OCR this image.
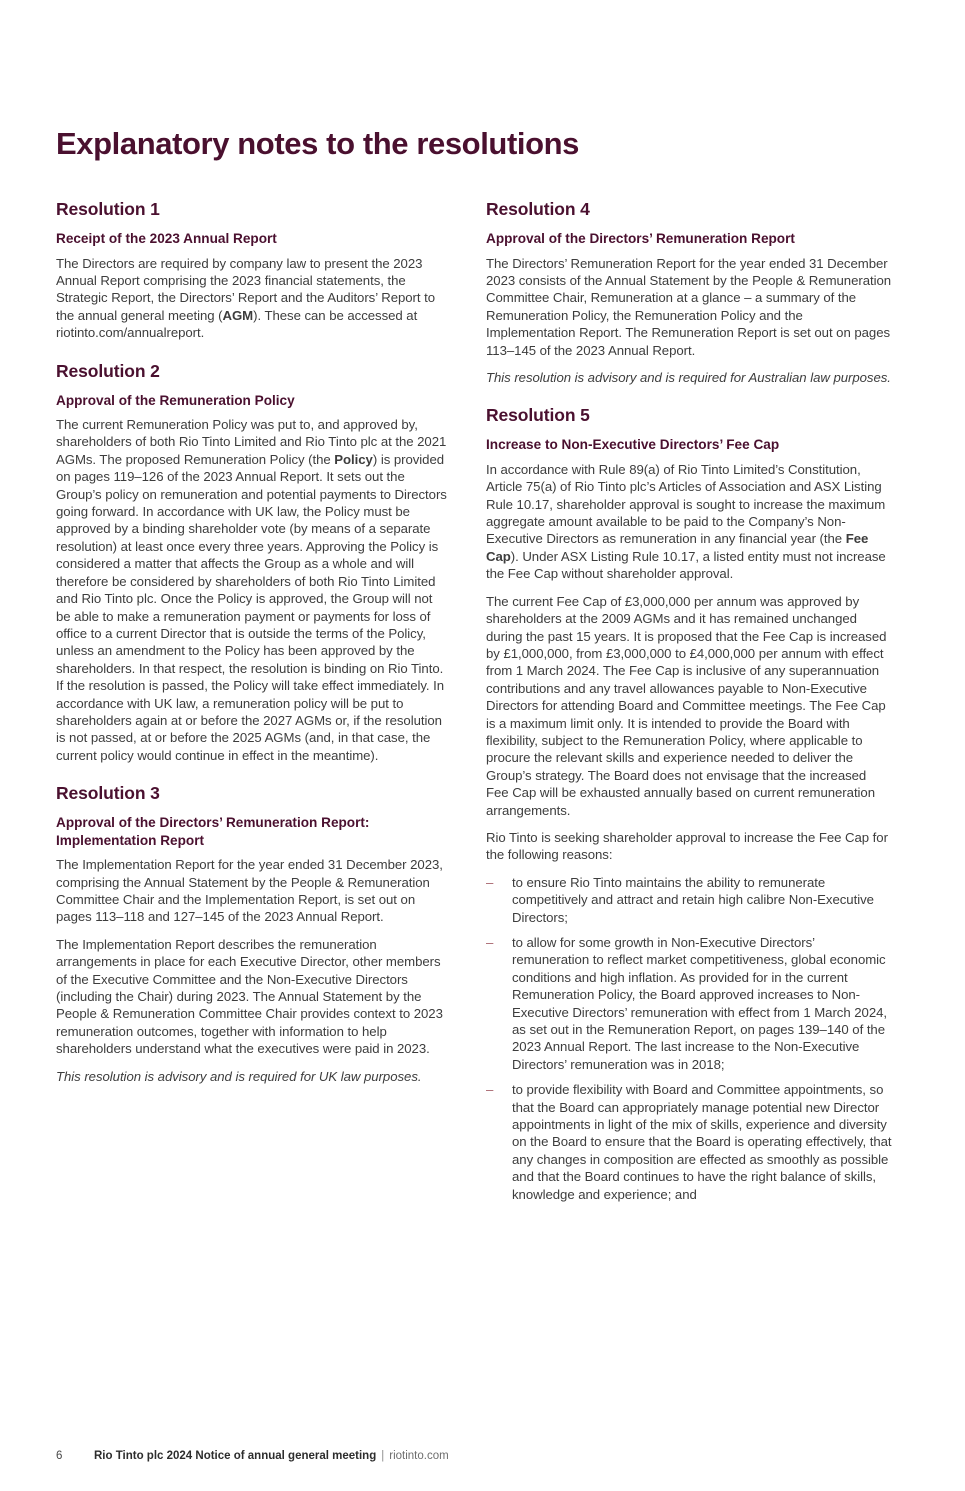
Explanatory notes to the resolutions
Resolution 1
Receipt of the 2023 Annual Report

The Directors are required by company law to present the 2023 Annual Report comprising the 2023 financial statements, the Strategic Report, the Directors’ Report and the Auditors’ Report to the annual general meeting (AGM). These can be accessed at riotinto.com/annualreport.

Resolution 2
Approval of the Remuneration Policy

The current Remuneration Policy was put to, and approved by, shareholders of both Rio Tinto Limited and Rio Tinto plc at the 2021 AGMs. The proposed Remuneration Policy (the Policy) is provided on pages 119–126 of the 2023 Annual Report. It sets out the Group’s policy on remuneration and potential payments to Directors going forward. In accordance with UK law, the Policy must be approved by a binding shareholder vote (by means of a separate resolution) at least once every three years. Approving the Policy is considered a matter that affects the Group as a whole and will therefore be considered by shareholders of both Rio Tinto Limited and Rio Tinto plc. Once the Policy is approved, the Group will not be able to make a remuneration payment or payments for loss of office to a current Director that is outside the terms of the Policy, unless an amendment to the Policy has been approved by the shareholders. In that respect, the resolution is binding on Rio Tinto. If the resolution is passed, the Policy will take effect immediately. In accordance with UK law, a remuneration policy will be put to shareholders again at or before the 2027 AGMs or, if the resolution is not passed, at or before the 2025 AGMs (and, in that case, the current policy would continue in effect in the meantime).

Resolution 3
Approval of the Directors’ Remuneration Report: Implementation Report

The Implementation Report for the year ended 31 December 2023, comprising the Annual Statement by the People & Remuneration Committee Chair and the Implementation Report, is set out on pages 113–118 and 127–145 of the 2023 Annual Report.

The Implementation Report describes the remuneration arrangements in place for each Executive Director, other members of the Executive Committee and the Non-Executive Directors (including the Chair) during 2023. The Annual Statement by the People & Remuneration Committee Chair provides context to 2023 remuneration outcomes, together with information to help shareholders understand what the executives were paid in 2023.

This resolution is advisory and is required for UK law purposes.

Resolution 4
Approval of the Directors’ Remuneration Report

The Directors’ Remuneration Report for the year ended 31 December 2023 consists of the Annual Statement by the People & Remuneration Committee Chair, Remuneration at a glance – a summary of the Remuneration Policy, the Remuneration Policy and the Implementation Report. The Remuneration Report is set out on pages 113–145 of the 2023 Annual Report.

This resolution is advisory and is required for Australian law purposes.

Resolution 5
Increase to Non-Executive Directors’ Fee Cap

In accordance with Rule 89(a) of Rio Tinto Limited’s Constitution, Article 75(a) of Rio Tinto plc’s Articles of Association and ASX Listing Rule 10.17, shareholder approval is sought to increase the maximum aggregate amount available to be paid to the Company’s Non-Executive Directors as remuneration in any financial year (the Fee Cap). Under ASX Listing Rule 10.17, a listed entity must not increase the Fee Cap without shareholder approval.

The current Fee Cap of £3,000,000 per annum was approved by shareholders at the 2009 AGMs and it has remained unchanged during the past 15 years. It is proposed that the Fee Cap is increased by £1,000,000, from £3,000,000 to £4,000,000 per annum with effect from 1 March 2024. The Fee Cap is inclusive of any superannuation contributions and any travel allowances payable to Non-Executive Directors for attending Board and Committee meetings. The Fee Cap is a maximum limit only. It is intended to provide the Board with flexibility, subject to the Remuneration Policy, where applicable to procure the relevant skills and experience needed to deliver the Group’s strategy. The Board does not envisage that the increased Fee Cap will be exhausted annually based on current remuneration arrangements.

Rio Tinto is seeking shareholder approval to increase the Fee Cap for the following reasons:

–	to ensure Rio Tinto maintains the ability to remunerate competitively and attract and retain high calibre Non-Executive Directors;
–	to allow for some growth in Non-Executive Directors’ remuneration to reflect market competitiveness, global economic conditions and high inflation. As provided for in the current Remuneration Policy, the Board approved increases to Non-Executive Directors’ remuneration with effect from 1 March 2024, as set out in the Remuneration Report, on pages 139–140 of the 2023 Annual Report. The last increase to the Non-Executive Directors’ remuneration was in 2018;
–	to provide flexibility with Board and Committee appointments, so that the Board can appropriately manage potential new Director appointments in light of the mix of skills, experience and diversity on the Board to ensure that the Board is operating effectively, that any changes in composition are effected as smoothly as possible and that the Board continues to have the right balance of skills, knowledge and experience; and
6	Rio Tinto plc 2024 Notice of annual general meeting | riotinto.com
